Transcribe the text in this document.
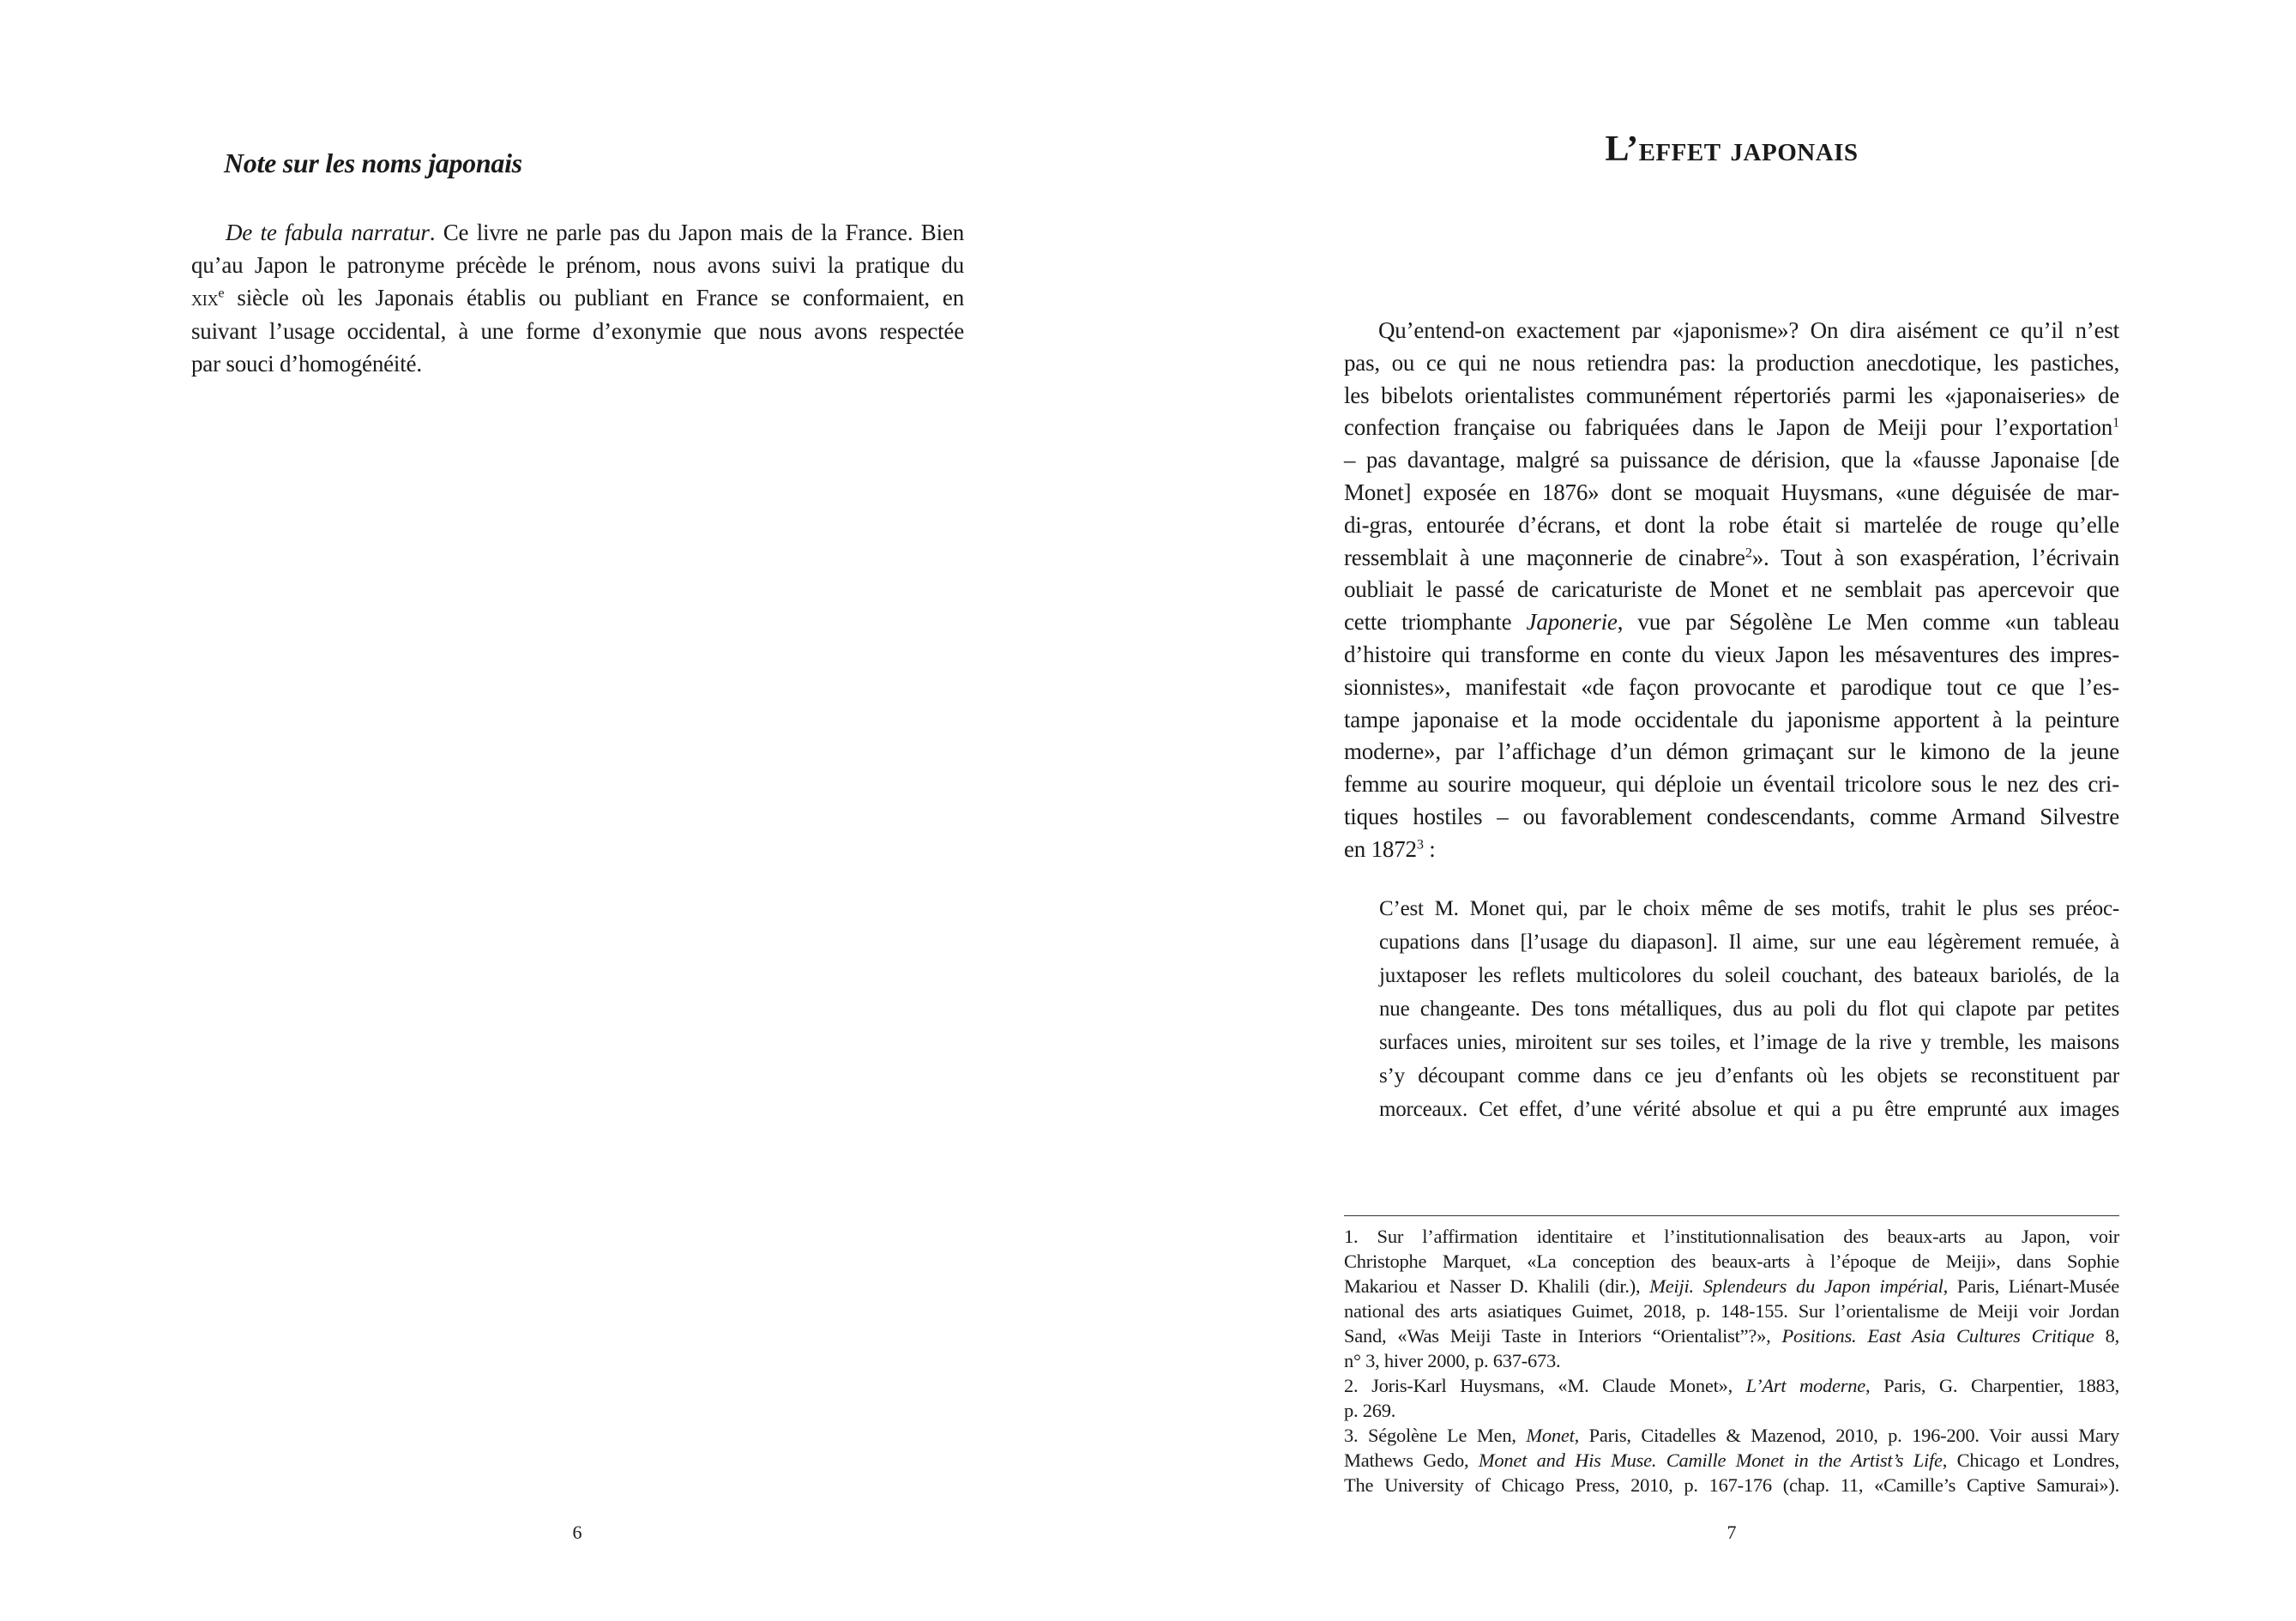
Note sur les noms japonais
De te fabula narratur. Ce livre ne parle pas du Japon mais de la France. Bien
qu’au Japon le patronyme précède le prénom, nous avons suivi la pratique du
xix$^e$ siècle où les Japonais établis ou publiant en France se conformaient, en
suivant l’usage occidental, à une forme d’exonymie que nous avons respectée
par souci d’homogénéité.
6
L’effet japonais
Qu’entend-on exactement par «japonisme»? On dira aisément ce qu’il n’est
pas, ou ce qui ne nous retiendra pas: la production anecdotique, les pastiches,
les bibelots orientalistes communément répertoriés parmi les «japonaiseries» de
confection française ou fabriquées dans le Japon de Meiji pour l’exportation$^1$
– pas davantage, malgré sa puissance de dérision, que la «fausse Japonaise [de
Monet] exposée en 1876» dont se moquait Huysmans, «une déguisée de mar-
di-gras, entourée d’écrans, et dont la robe était si martelée de rouge qu’elle
ressemblait à une maçonnerie de cinabre$^2$». Tout à son exaspération, l’écrivain
oubliait le passé de caricaturiste de Monet et ne semblait pas apercevoir que
cette triomphante Japonerie, vue par Ségolène Le Men comme «un tableau
d’histoire qui transforme en conte du vieux Japon les mésaventures des impres-
sionnistes», manifestait «de façon provocante et parodique tout ce que l’es-
tampe japonaise et la mode occidentale du japonisme apportent à la peinture
moderne», par l’affichage d’un démon grimaçant sur le kimono de la jeune
femme au sourire moqueur, qui déploie un éventail tricolore sous le nez des cri-
tiques hostiles – ou favorablement condescendants, comme Armand Silvestre
en 1872$^3$ :
C’est M. Monet qui, par le choix même de ses motifs, trahit le plus ses préoc-
cupations dans [l’usage du diapason]. Il aime, sur une eau légèrement remuée, à
juxtaposer les reflets multicolores du soleil couchant, des bateaux bariolés, de la
nue changeante. Des tons métalliques, dus au poli du flot qui clapote par petites
surfaces unies, miroitent sur ses toiles, et l’image de la rive y tremble, les maisons
s’y découpant comme dans ce jeu d’enfants où les objets se reconstituent par
morceaux. Cet effet, d’une vérité absolue et qui a pu être emprunté aux images
1. Sur l’affirmation identitaire et l’institutionnalisation des beaux-arts au Japon, voir
Christophe Marquet, «La conception des beaux-arts à l’époque de Meiji», dans Sophie
Makariou et Nasser D. Khalili (dir.), Meiji. Splendeurs du Japon impérial, Paris, Liénart-Musée
national des arts asiatiques Guimet, 2018, p. 148-155. Sur l’orientalisme de Meiji voir Jordan
Sand, «Was Meiji Taste in Interiors “Orientalist”?», Positions. East Asia Cultures Critique 8,
n° 3, hiver 2000, p. 637-673.
2. Joris-Karl Huysmans, «M. Claude Monet», L’Art moderne, Paris, G. Charpentier, 1883,
p. 269.
3. Ségolène Le Men, Monet, Paris, Citadelles & Mazenod, 2010, p. 196-200. Voir aussi Mary
Mathews Gedo, Monet and His Muse. Camille Monet in the Artist’s Life, Chicago et Londres,
The University of Chicago Press, 2010, p. 167-176 (chap. 11, «Camille’s Captive Samurai»).
7
